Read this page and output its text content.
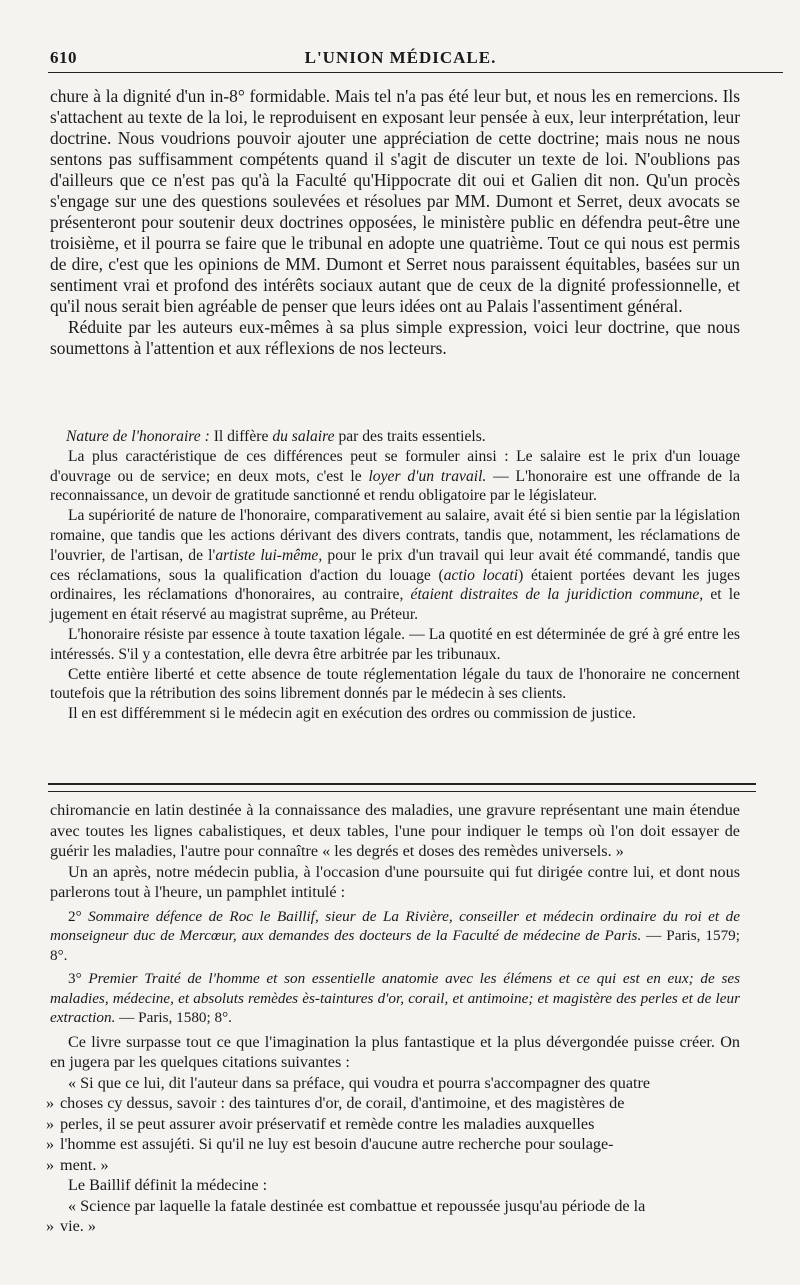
610	L'UNION MÉDICALE.

chure à la dignité d'un in-8° formidable. Mais tel n'a pas été leur but, et nous les en remercions. Ils s'attachent au texte de la loi, le reproduisent en exposant leur pensée à eux, leur interprétation, leur doctrine. Nous voudrions pouvoir ajouter une appréciation de cette doctrine; mais nous ne nous sentons pas suffisamment compétents quand il s'agit de discuter un texte de loi. N'oublions pas d'ailleurs que ce n'est pas qu'à la Faculté qu'Hippocrate dit oui et Galien dit non. Qu'un procès s'engage sur une des questions soulevées et résolues par MM. Dumont et Serret, deux avocats se présenteront pour soutenir deux doctrines opposées, le ministère public en défendra peut-être une troisième, et il pourra se faire que le tribunal en adopte une quatrième. Tout ce qui nous est permis de dire, c'est que les opinions de MM. Dumont et Serret nous paraissent équitables, basées sur un sentiment vrai et profond des intérêts sociaux autant que de ceux de la dignité professionnelle, et qu'il nous serait bien agréable de penser que leurs idées ont au Palais l'assentiment général.

Réduite par les auteurs eux-mêmes à sa plus simple expression, voici leur doctrine, que nous soumettons à l'attention et aux réflexions de nos lecteurs.

Nature de l'honoraire : Il diffère du salaire par des traits essentiels.

La plus caractéristique de ces différences peut se formuler ainsi : Le salaire est le prix d'un louage d'ouvrage ou de service; en deux mots, c'est le loyer d'un travail. — L'honoraire est une offrande de la reconnaissance, un devoir de gratitude sanctionné et rendu obligatoire par le législateur.

La supériorité de nature de l'honoraire, comparativement au salaire, avait été si bien sentie par la législation romaine, que tandis que les actions dérivant des divers contrats, tandis que, notamment, les réclamations de l'ouvrier, de l'artisan, de l'artiste lui-même, pour le prix d'un travail qui leur avait été commandé, tandis que ces réclamations, sous la qualification d'action du louage (actio locati) étaient portées devant les juges ordinaires, les réclamations d'honoraires, au contraire, étaient distraites de la juridiction commune, et le jugement en était réservé au magistrat suprême, au Préteur.

L'honoraire résiste par essence à toute taxation légale. — La quotité en est déterminée de gré à gré entre les intéressés. S'il y a contestation, elle devra être arbitrée par les tribunaux.

Cette entière liberté et cette absence de toute réglementation légale du taux de l'honoraire ne concernent toutefois que la rétribution des soins librement donnés par le médecin à ses clients.

Il en est différemment si le médecin agit en exécution des ordres ou commission de justice.

chiromancie en latin destinée à la connaissance des maladies, une gravure représentant une main étendue avec toutes les lignes cabalistiques, et deux tables, l'une pour indiquer le temps où l'on doit essayer de guérir les maladies, l'autre pour connaître « les degrés et doses des remèdes universels. »

Un an après, notre médecin publia, à l'occasion d'une poursuite qui fut dirigée contre lui, et dont nous parlerons tout à l'heure, un pamphlet intitulé :

2° Sommaire défence de Roc le Baillif, sieur de La Rivière, conseiller et médecin ordinaire du roi et de monseigneur duc de Mercœur, aux demandes des docteurs de la Faculté de médecine de Paris. — Paris, 1579; 8°.

3° Premier Traité de l'homme et son essentielle anatomie avec les élémens et ce qui est en eux; de ses maladies, médecine, et absoluts remèdes ès-taintures d'or, corail, et antimoine; et magistère des perles et de leur extraction. — Paris, 1580; 8°.

Ce livre surpasse tout ce que l'imagination la plus fantastique et la plus dévergondée puisse créer. On en jugera par les quelques citations suivantes :

« Si que ce lui, dit l'auteur dans sa préface, qui voudra et pourra s'accompagner des quatre

» choses cy dessus, savoir : des taintures d'or, de corail, d'antimoine, et des magistères de
» perles, il se peut assurer avoir préservatif et remède contre les maladies auxquelles
» l'homme est assujéti. Si qu'il ne luy est besoin d'aucune autre recherche pour soulage-
» ment. »

Le Baillif définit la médecine :

« Science par laquelle la fatale destinée est combattue et repoussée jusqu'au période de la

» vie. »
